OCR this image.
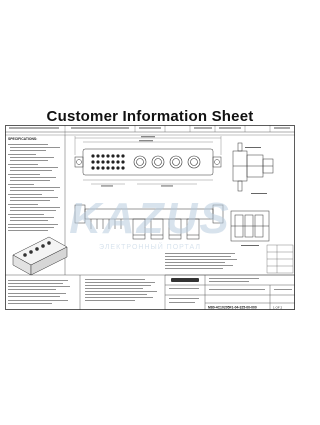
Customer Information Sheet
SPECIFICATIONS:
M80-4C10205F1-04-325-00-000	1 OF 2
KAZUS
ЭЛЕКТРОННЫЙ ПОРТАЛ
